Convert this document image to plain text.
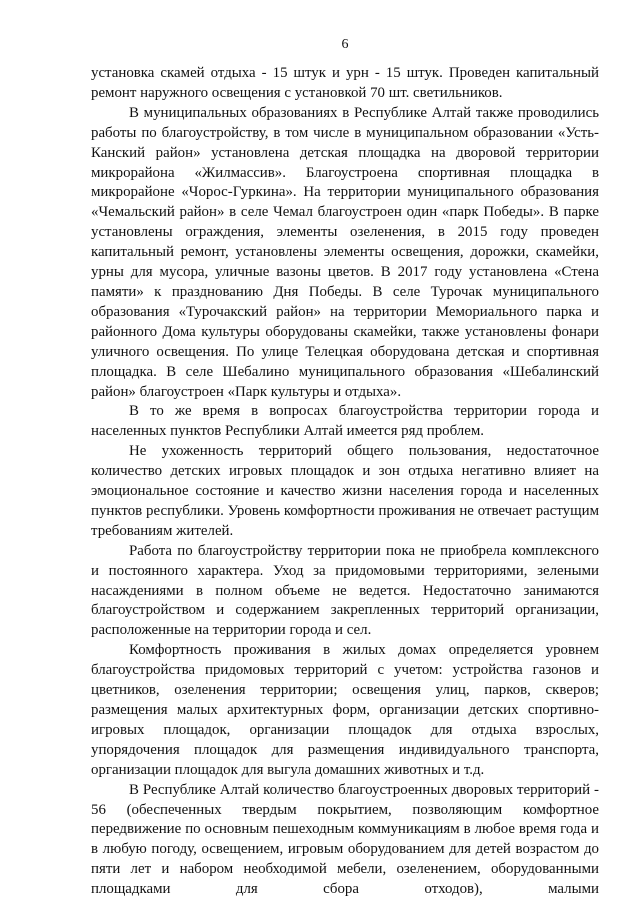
6

установка скамей отдыха - 15 штук и урн - 15 штук. Проведен капитальный ремонт наружного освещения с установкой 70 шт. светильников.

В муниципальных образованиях в Республике Алтай также проводились работы по благоустройству, в том числе в муниципальном образовании «Усть-Канский район» установлена детская площадка на дворовой территории микрорайона «Жилмассив». Благоустроена спортивная площадка в микрорайоне «Чорос-Гуркина». На территории муниципального образования «Чемальский район» в селе Чемал благоустроен один «парк Победы». В парке установлены ограждения, элементы озеленения, в 2015 году проведен капитальный ремонт, установлены элементы освещения, дорожки, скамейки, урны для мусора, уличные вазоны цветов. В 2017 году установлена «Стена памяти» к празднованию Дня Победы. В селе Турочак муниципального образования «Турочакский район» на территории Мемориального парка и районного Дома культуры оборудованы скамейки, также установлены фонари уличного освещения. По улице Телецкая оборудована детская и спортивная площадка. В селе Шебалино муниципального образования «Шебалинский район» благоустроен «Парк культуры и отдыха».

В то же время в вопросах благоустройства территории города и населенных пунктов Республики Алтай имеется ряд проблем.

Не ухоженность территорий общего пользования, недостаточное количество детских игровых площадок и зон отдыха негативно влияет на эмоциональное состояние и качество жизни населения города и населенных пунктов республики. Уровень комфортности проживания не отвечает растущим требованиям жителей.

Работа по благоустройству территории пока не приобрела комплексного и постоянного характера. Уход за придомовыми территориями, зелеными насаждениями в полном объеме не ведется. Недостаточно занимаются благоустройством и содержанием закрепленных территорий организации, расположенные на территории города и сел.

Комфортность проживания в жилых домах определяется уровнем благоустройства придомовых территорий с учетом: устройства газонов и цветников, озеленения территории; освещения улиц, парков, скверов; размещения малых архитектурных форм, организации детских спортивно-игровых площадок, организации площадок для отдыха взрослых, упорядочения площадок для размещения индивидуального транспорта, организации площадок для выгула домашних животных и т.д.

В Республике Алтай количество благоустроенных дворовых территорий - 56 (обеспеченных твердым покрытием, позволяющим комфортное передвижение по основным пешеходным коммуникациям в любое время года и в любую погоду, освещением, игровым оборудованием для детей возрастом до пяти лет и набором необходимой мебели, озеленением, оборудованными площадками для сбора отходов), малыми
